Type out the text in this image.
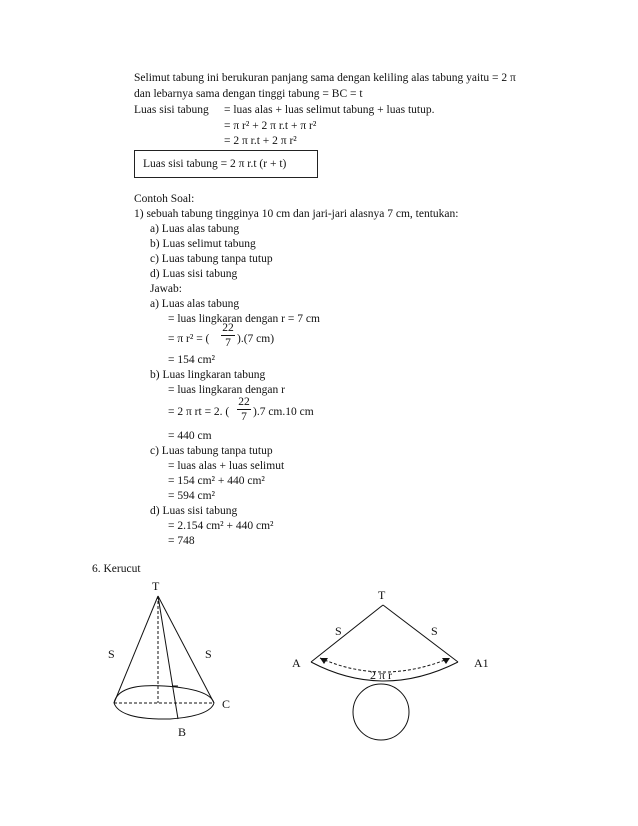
Selimut tabung ini berukuran panjang sama dengan keliling alas tabung yaitu = 2 π
dan lebarnya sama dengan tinggi tabung = BC = t
Luas sisi tabung = luas alas + luas selimut tabung + luas tutup.
= π r² + 2 π r.t + π r²
= 2 π r.t + 2 π r²
Luas sisi tabung = 2 π r.t (r + t)
Contoh Soal:
1) sebuah tabung tingginya 10 cm dan jari-jari alasnya 7 cm, tentukan:
a) Luas alas tabung
b) Luas selimut tabung
c) Luas tabung tanpa tutup
d) Luas sisi tabung
Jawab:
a) Luas alas tabung
= luas lingkaran dengan r = 7 cm
= π r² = (
22
7 ).(7 cm)
= 154 cm²
b) Luas lingkaran tabung
= luas lingkaran dengan r
= 2 π rt = 2. (
22
7 ).7 cm.10 cm
= 440 cm
c) Luas tabung tanpa tutup
= luas alas + luas selimut
= 154 cm² + 440 cm²
= 594 cm²
d) Luas sisi tabung
= 2.154 cm² + 440 cm²
= 748
6. Kerucut
T
S	S
C
B
T
S	S
A	A1
2 π r
